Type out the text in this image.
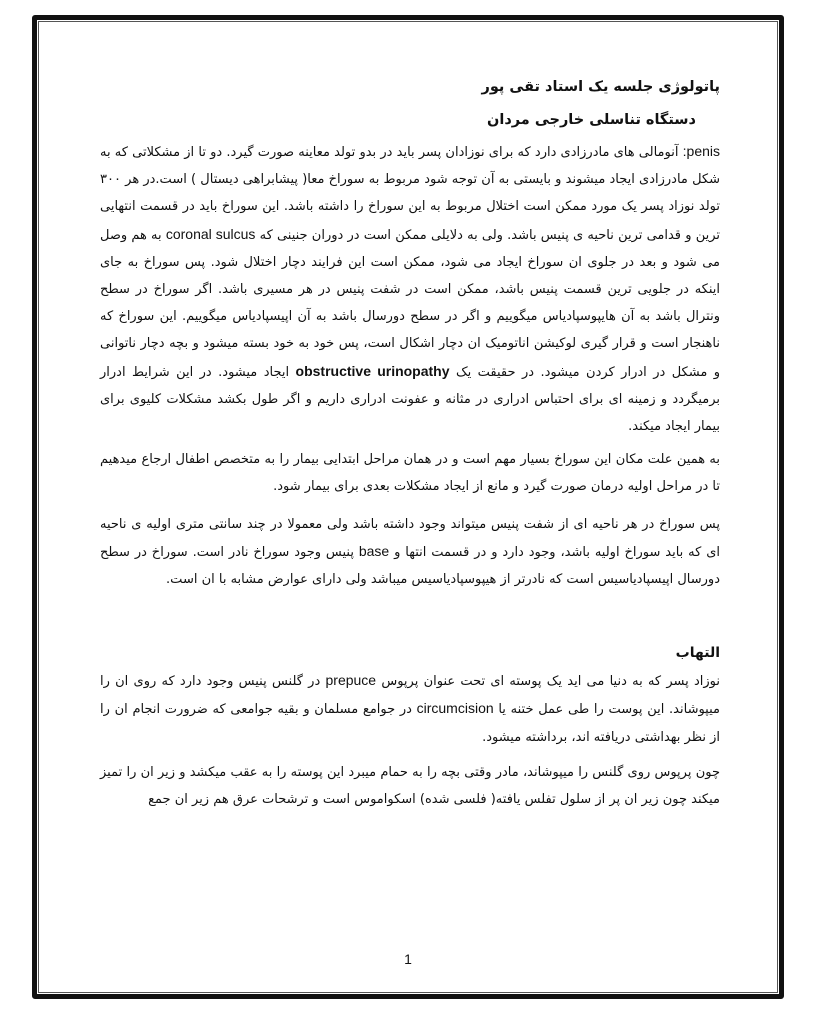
پاتولوژی جلسه یک استاد تقی پور
دستگاه تناسلی خارجی مردان

:penis آنومالی های مادرزادی دارد که برای نوزادان پسر باید در بدو تولد معاینه صورت گیرد. دو تا از مشکلاتی که به شکل مادرزادی ایجاد میشوند و بایستی به آن توجه شود مربوط به سوراخ معا( پیشابراهی دیستال ) است.در هر ۳۰۰ تولد نوزاد پسر یک مورد ممکن است اختلال مربوط به این سوراخ را داشته باشد. این سوراخ باید در قسمت انتهایی ترین و قدامی ترین ناحیه ی پنیس باشد. ولی به دلایلی ممکن است در دوران جنینی که coronal sulcus به هم وصل می شود و بعد در جلوی ان سوراخ ایجاد می شود، ممکن است این فرایند دچار اختلال شود. پس سوراخ به جای اینکه در جلویی ترین قسمت پنیس باشد، ممکن است در شفت پنیس در هر مسیری باشد. اگر سوراخ در سطح ونترال باشد به آن هایپوسپادیاس میگوییم و اگر در سطح دورسال باشد به آن اپیسپادیاس میگوییم. این سوراخ که ناهنجار است و قرار گیری لوکیشن اناتومیک ان دچار اشکال است، پس خود به خود بسته میشود و بچه دچار ناتوانی و مشکل در ادرار کردن میشود. در حقیقت یک obstructive urinopathy ایجاد میشود. در این شرایط ادرار برمیگردد و زمینه ای برای احتباس ادراری در مثانه و عفونت ادراری داریم و اگر طول بکشد مشکلات کلیوی برای بیمار ایجاد میکند.

به همین علت مکان این سوراخ بسیار مهم است و در همان مراحل ابتدایی بیمار را به متخصص اطفال ارجاع میدهیم تا در مراحل اولیه درمان صورت گیرد و مانع از ایجاد مشکلات بعدی برای بیمار شود.

پس سوراخ در هر ناحیه ای از شفت پنیس میتواند وجود داشته باشد ولی معمولا در چند سانتی متری اولیه ی ناحیه ای که باید سوراخ اولیه باشد، وجود دارد و در قسمت انتها و base پنیس وجود سوراخ نادر است. سوراخ در سطح دورسال اپیسپادیاسیس است که نادرتر از هیپوسپادیاسیس میباشد ولی دارای عوارض مشابه با ان است.

التهاب

نوزاد پسر که به دنیا می اید یک پوسته ای تحت عنوان پرپوس prepuce در گلنس پنیس وجود دارد که روی ان را میپوشاند. این پوست را طی عمل ختنه یا circumcision در جوامع مسلمان و بقیه جوامعی که ضرورت انجام ان را از نظر بهداشتی دریافته اند، برداشته میشود.

چون پرپوس روی گلنس را میپوشاند، مادر وقتی بچه را به حمام میبرد این پوسته را به عقب میکشد و زیر ان را تمیز میکند چون زیر ان پر از سلول تفلس یافته( فلسی شده) اسکواموس است و ترشحات عرق هم زیر ان جمع

1
